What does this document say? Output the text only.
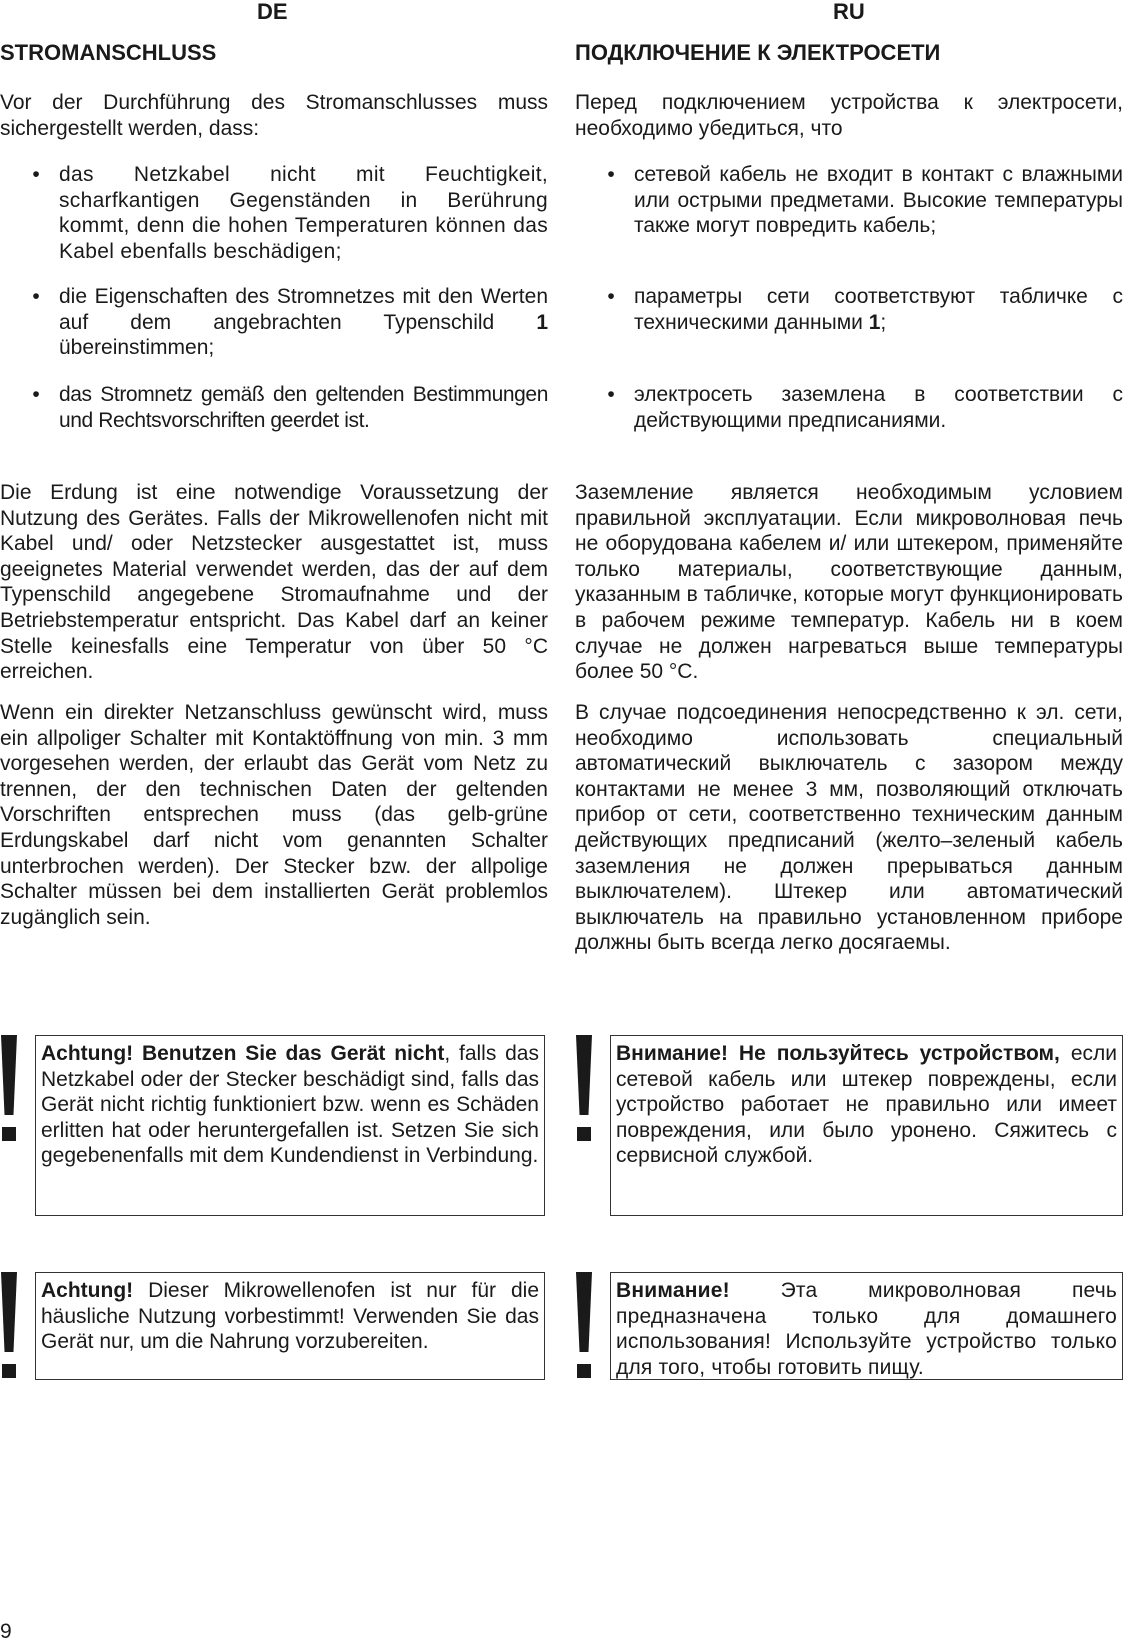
DE	RU
STROMANSCHLUSS

Vor der Durchführung des Stromanschlusses muss sichergestellt werden, dass:

• das Netzkabel nicht mit Feuchtigkeit, scharfkantigen Gegenständen in Berührung kommt, denn die hohen Temperaturen können das Kabel ebenfalls beschädigen;
• die Eigenschaften des Stromnetzes mit den Werten auf dem angebrachten Typenschild 1 übereinstimmen;
• das Stromnetz gemäß den geltenden Bestimmungen und Rechtsvorschriften geerdet ist.

Die Erdung ist eine notwendige Voraussetzung der Nutzung des Gerätes. Falls der Mikrowellenofen nicht mit Kabel und/ oder Netzstecker ausgestattet ist, muss geeignetes Material verwendet werden, das der auf dem Typenschild angegebene Stromaufnahme und der Betriebstemperatur entspricht. Das Kabel darf an keiner Stelle keinesfalls eine Temperatur von über 50 °C erreichen.

Wenn ein direkter Netzanschluss gewünscht wird, muss ein allpoliger Schalter mit Kontaktöffnung von min. 3 mm vorgesehen werden, der erlaubt das Gerät vom Netz zu trennen, der den technischen Daten der geltenden Vorschriften entsprechen muss (das gelb-grüne Erdungskabel darf nicht vom genannten Schalter unterbrochen werden). Der Stecker bzw. der allpolige Schalter müssen bei dem installierten Gerät problemlos zugänglich sein.

Achtung! Benutzen Sie das Gerät nicht, falls das Netzkabel oder der Stecker beschädigt sind, falls das Gerät nicht richtig funktioniert bzw. wenn es Schäden erlitten hat oder heruntergefallen ist. Setzen Sie sich gegebenenfalls mit dem Kundendienst in Verbindung.
Achtung! Dieser Mikrowellenofen ist nur für die häusliche Nutzung vorbestimmt! Verwenden Sie das Gerät nur, um die Nahrung vorzubereiten.
ПОДКЛЮЧЕНИЕ К ЭЛЕКТРОСЕТИ

Перед подключением устройства к электросети, необходимо убедиться, что

• сетевой кабель не входит в контакт с влажными или острыми предметами. Высокие температуры также могут повредить кабель;
• параметры сети соответствуют табличке с техническими данными 1;
• электросеть заземлена в соответствии с действующими предписаниями.

Заземление является необходимым условием правильной эксплуатации. Если микроволновая печь не оборудована кабелем и/ или штекером, применяйте только материалы, соответствующие данным, указанным в табличке, которые могут функционировать в рабочем режиме температур. Кабель ни в коем случае не должен нагреваться выше температуры более 50 °С.

В случае подсоединения непосредственно к эл. сети, необходимо использовать специальный автоматический выключатель с зазором между контактами не менее 3 мм, позволяющий отключать прибор от сети, соответственно техническим данным действующих предписаний (желто–зеленый кабель заземления не должен прерываться данным выключателем). Штекер или автоматический выключатель на правильно установленном приборе должны быть всегда легко досягаемы.

Внимание! Не пользуйтесь устройством, если сетевой кабель или штекер повреждены, если устройство работает не правильно или имеет повреждения, или было уронено. Сяжитесь с сервисной службой.
Внимание! Эта микроволновая печь предназначена только для домашнего использования! Используйте устройство только для того, чтобы готовить пищу.
9
